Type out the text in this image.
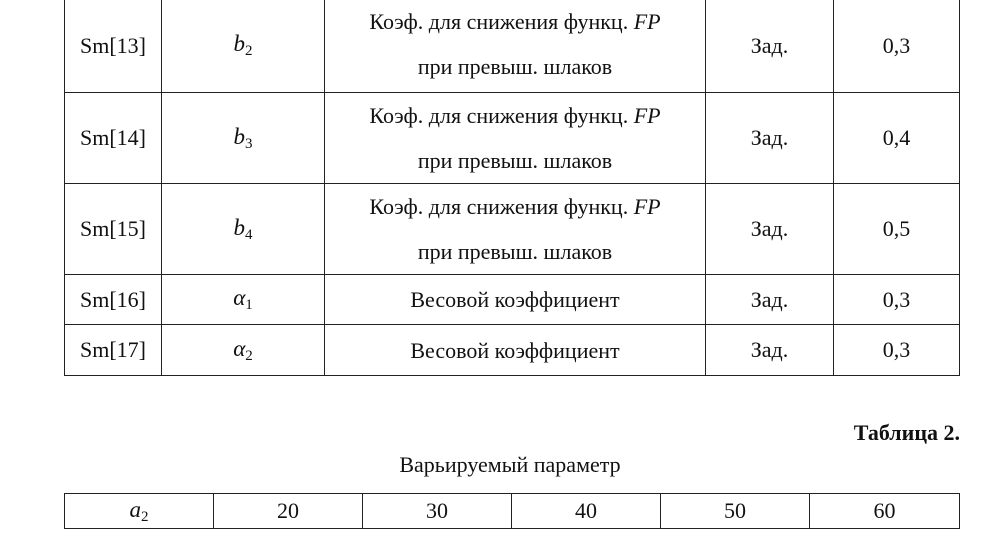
Sm[13]	$b_2$	Коэф. для снижения функц. FP
при превыш. шлаков	Зад.	0,3
Sm[14]	$b_3$	Коэф. для снижения функц. FP
при превыш. шлаков	Зад.	0,4
Sm[15]	$b_4$	Коэф. для снижения функц. FP
при превыш. шлаков	Зад.	0,5
Sm[16]	$\alpha_1$	Весовой коэффициент	Зад.	0,3
Sm[17]	$\alpha_2$	Весовой коэффициент	Зад.	0,3
Таблица 2.
Варьируемый параметр
$a_2$	20	30	40	50	60
